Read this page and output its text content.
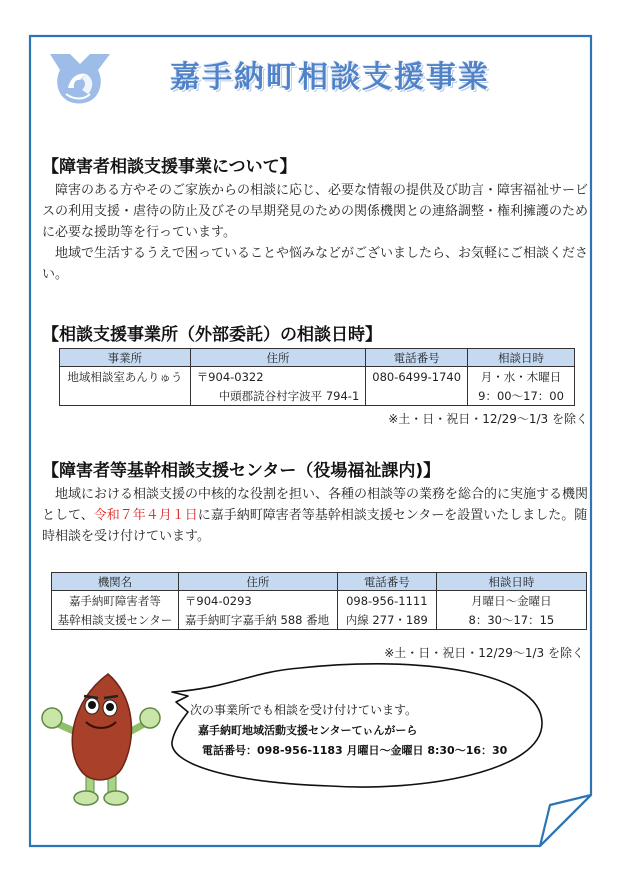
嘉手納町相談支援事業
【障害者相談支援事業について】

障害のある方やそのご家族からの相談に応じ、必要な情報の提供及び助言・障害福祉サービスの利用支援・虐待の防止及びその早期発見のための関係機関との連絡調整・権利擁護のために必要な援助等を行っています。

地域で生活するうえで困っていることや悩みなどがございましたら、お気軽にご相談ください。

【相談支援事業所（外部委託）の相談日時】
事業所	住所	電話番号	相談日時
地域相談室あんりゅう	〒904-0322	080-6499-1740	月・水・木曜日
	中頭郡読谷村字波平 794-1		9：00～17：00
※土・日・祝日・12/29～1/3 を除く
【障害者等基幹相談支援センター（役場福祉課内)】

地域における相談支援の中核的な役割を担い、各種の相談等の業務を総合的に実施する機関として、令和７年４月１日に嘉手納町障害者等基幹相談支援センターを設置いたしました。随時相談を受け付けています。

機関名	住所	電話番号	相談日時
嘉手納町障害者等	〒904-0293	098-956-1111	月曜日～金曜日
基幹相談支援センター	嘉手納町字嘉手納 588 番地	内線 277・189	8：30～17：15
※土・日・祝日・12/29～1/3 を除く
次の事業所でも相談を受け付けています。
嘉手納町地域活動支援センターてぃんがーら
電話番号：098-956-1183 月曜日～金曜日 8:30～16：30
